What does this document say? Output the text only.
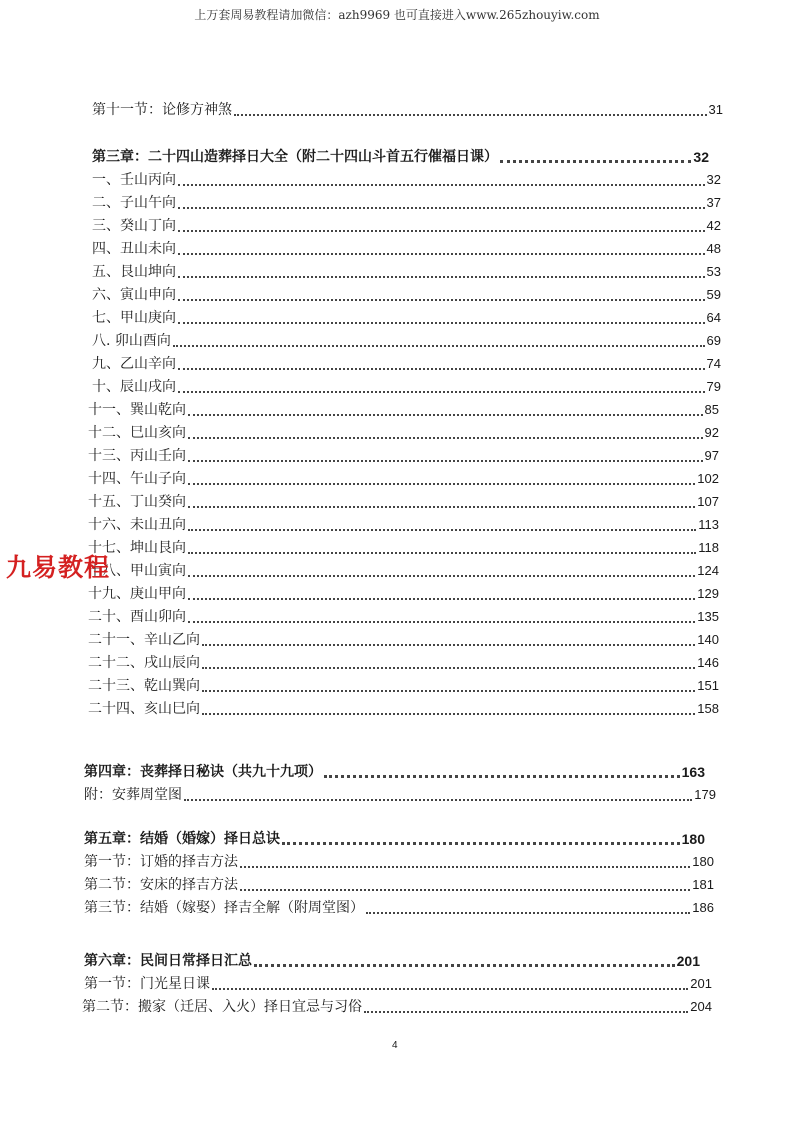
上万套周易教程请加微信：azh9969 也可直接进入www.265zhouyiw.com
第十一节：论修方神煞	31
第三章：二十四山造葬择日大全（附二十四山斗首五行催福日课）	32
一、壬山丙向	32
二、子山午向	37
三、癸山丁向	42
四、丑山未向	48
五、艮山坤向	53
六、寅山申向	59
七、甲山庚向	64
八. 卯山酉向	69
九、乙山辛向	74
十、辰山戌向	79
十一、巽山乾向	85
十二、巳山亥向	92
十三、丙山壬向	97
十四、午山子向	102
十五、丁山癸向	107
十六、未山丑向	113
十七、坤山艮向	118
十八、甲山寅向	124
十九、庚山甲向	129
二十、酉山卯向	135
二十一、辛山乙向	140
二十二、戌山辰向	146
二十三、乾山巽向	151
二十四、亥山巳向	158
第四章：丧葬择日秘诀（共九十九项）	163
附：安葬周堂图	179
第五章：结婚（婚嫁）择日总诀	180
第一节：订婚的择吉方法	180
第二节：安床的择吉方法	181
第三节：结婚（嫁娶）择吉全解（附周堂图）	186
第六章：民间日常择日汇总	201
第一节：门光星日课	201
第二节：搬家（迁居、入火）择日宜忌与习俗	204
九易教程
4
